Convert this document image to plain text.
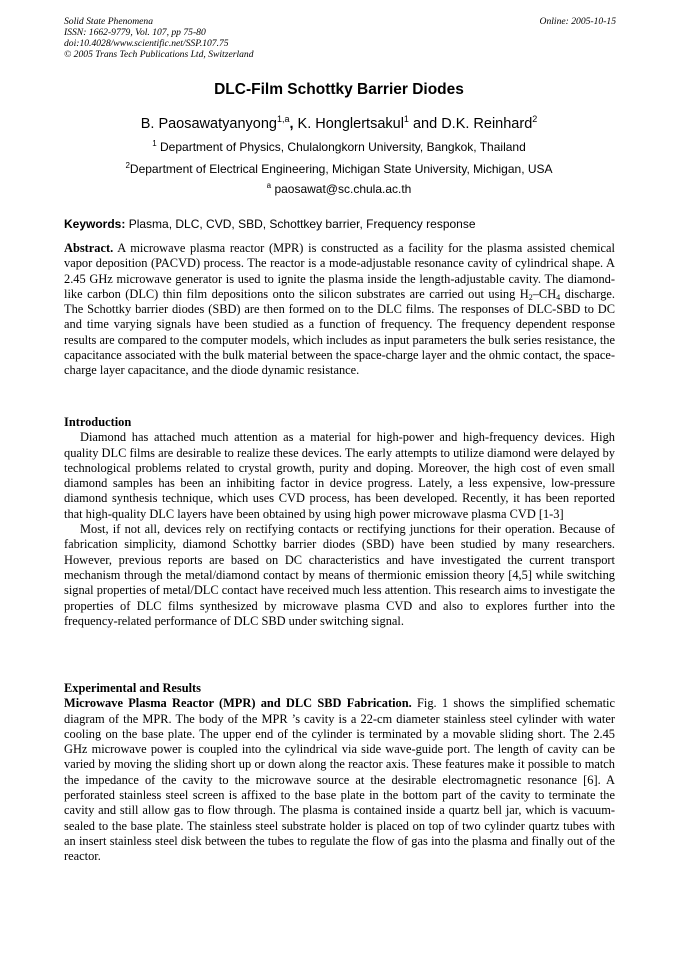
Solid State Phenomena
ISSN: 1662-9779, Vol. 107, pp 75-80
doi:10.4028/www.scientific.net/SSP.107.75
© 2005 Trans Tech Publications Ltd, Switzerland
Online: 2005-10-15
DLC-Film Schottky Barrier Diodes
B. Paosawatyanyong$^{1,a}$, K. Honglertsakul$^1$ and D.K. Reinhard$^2$
$^1$ Department of Physics, Chulalongkorn University, Bangkok, Thailand
$^2$Department of Electrical Engineering, Michigan State University, Michigan, USA
$^a$ paosawat@sc.chula.ac.th
Keywords: Plasma, DLC, CVD, SBD, Schottkey barrier, Frequency response

Abstract. A microwave plasma reactor (MPR) is constructed as a facility for the plasma assisted chemical vapor deposition (PACVD) process. The reactor is a mode-adjustable resonance cavity of cylindrical shape. A 2.45 GHz microwave generator is used to ignite the plasma inside the length-adjustable cavity. The diamond-like carbon (DLC) thin film depositions onto the silicon substrates are carried out using $H_2-CH_4$ discharge. The Schottky barrier diodes (SBD) are then formed on to the DLC films. The responses of DLC-SBD to DC and time varying signals have been studied as a function of frequency. The frequency dependent response results are compared to the computer models, which includes as input parameters the bulk series resistance, the capacitance associated with the bulk material between the space-charge layer and the ohmic contact, the space-charge layer capacitance, and the diode dynamic resistance.

Introduction

Diamond has attached much attention as a material for high-power and high-frequency devices. High quality DLC films are desirable to realize these devices. The early attempts to utilize diamond were delayed by technological problems related to crystal growth, purity and doping. Moreover, the high cost of even small diamond samples has been an inhibiting factor in device progress. Lately, a less expensive, low-pressure diamond synthesis technique, which uses CVD process, has been developed. Recently, it has been reported that high-quality DLC layers have been obtained by using high power microwave plasma CVD [1-3]

Most, if not all, devices rely on rectifying contacts or rectifying junctions for their operation. Because of fabrication simplicity, diamond Schottky barrier diodes (SBD) have been studied by many researchers. However, previous reports are based on DC characteristics and have investigated the current transport mechanism through the metal/diamond contact by means of thermionic emission theory [4,5] while switching signal properties of metal/DLC contact have received much less attention. This research aims to investigate the properties of DLC films synthesized by microwave plasma CVD and also to explores further into the frequency-related performance of DLC SBD under switching signal.

Experimental and Results

Microwave Plasma Reactor (MPR) and DLC SBD Fabrication. Fig. 1 shows the simplified schematic diagram of the MPR. The body of the MPR ’s cavity is a 22-cm diameter stainless steel cylinder with water cooling on the base plate. The upper end of the cylinder is terminated by a movable sliding short. The 2.45 GHz microwave power is coupled into the cylindrical via side wave-guide port. The length of cavity can be varied by moving the sliding short up or down along the reactor axis. These features make it possible to match the impedance of the cavity to the microwave source at the desirable electromagnetic resonance [6]. A perforated stainless steel screen is affixed to the base plate in the bottom part of the cavity to terminate the cavity and still allow gas to flow through. The plasma is contained inside a quartz bell jar, which is vacuum-sealed to the base plate. The stainless steel substrate holder is placed on top of two cylinder quartz tubes with an insert stainless steel disk between the tubes to regulate the flow of gas into the plasma and finally out of the reactor.
